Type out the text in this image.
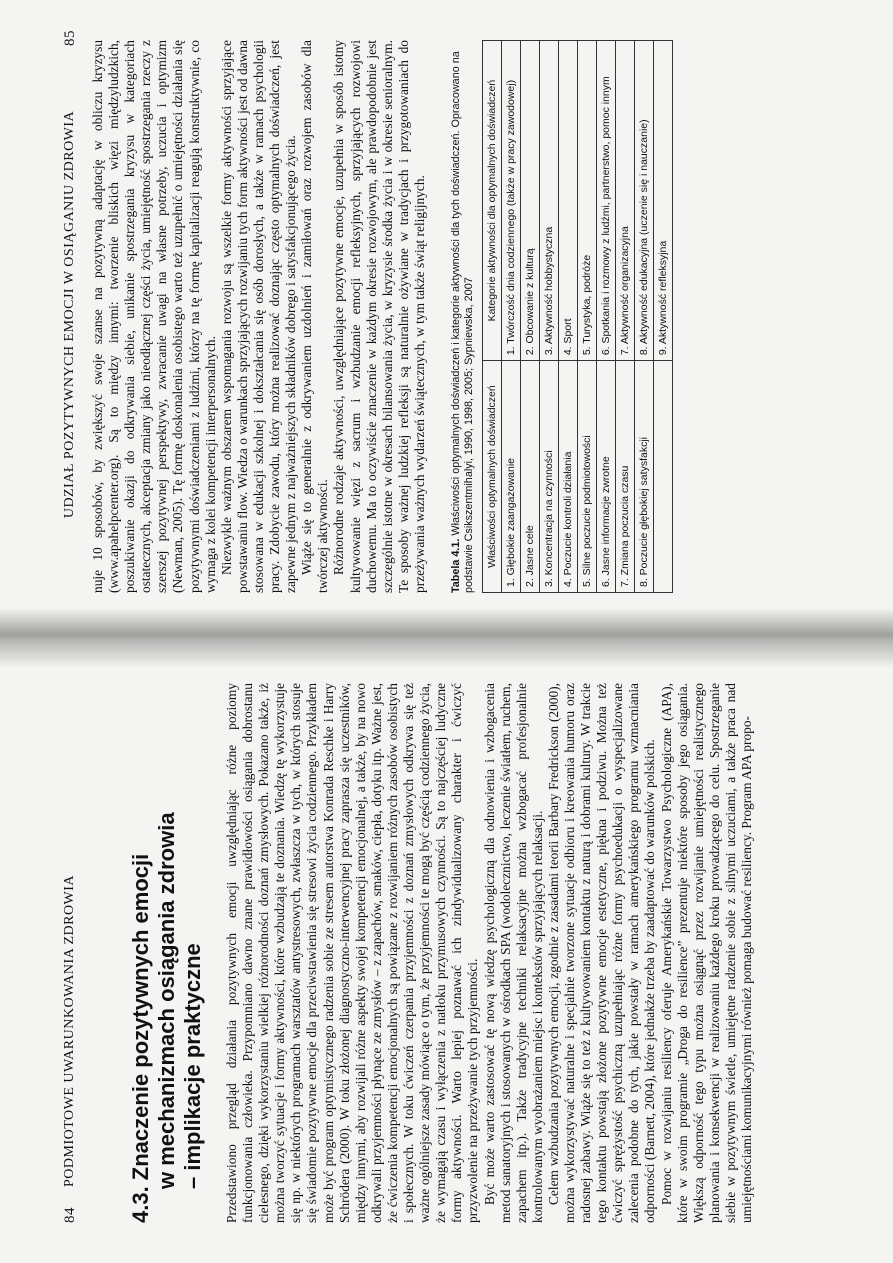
84
PODMIOTOWE UWARUNKOWANIA ZDROWIA 4.3. Znaczenie pozytywnych emocji w mechanizmach osiągania zdrowia – implikacje praktyczne Przedstawiono przegląd działania pozytywnych emocji uwzględniając różne poziomy funkcjonowania człowieka. Przypomniano dawno znane prawidłowości osiągania dobrostanu cielesnego, dzięki wykorzystaniu wielkiej różnorodności doznań zmysłowych. Pokazano także, iż można tworzyć sytuacje i formy aktywności, które wzbudzają te doznania. Wiedzę tę wykorzystuje się np. w niektórych programach warsztatów antystresowych, zwłaszcza w tych, w których stosuje się świadomie pozytywne emocje dla przeciwstawienia się stresowi życia codziennego. Przykładem może być program optymistycznego radzenia sobie ze stresem autorstwa Konrada Reschke i Harry Schrödera (2000). W toku złożonej diagnostyczno-interwencyjnej pracy zaprasza się uczestników, między innymi, aby rozwijali różne aspekty swojej kompetencji emocjonalnej, a także, by na nowo odkrywali przyjemności płynące ze zmysłów – z zapachów, smaków, ciepła, dotyku itp. Ważne jest, że ćwiczenia kompetencji emocjonalnych są powiązane z rozwijaniem różnych zasobów osobistych i społecznych. W toku ćwiczeń czerpania przyjemności z doznań zmysłowych odkrywa się też ważne ogólniejsze zasady mówiące o tym, że przyjemności te mogą być częścią codziennego życia, że wymagają czasu i wyłączenia z natłoku przymusowych czynności. Są to najczęściej ludyczne formy aktywności. Warto lepiej poznawać ich zindywidualizowany charakter i ćwiczyć przyzwolenie na przeżywanie tych przyjemności. Być może warto zastosować tę nową wiedzę psychologiczną dla odnowienia i wzbogacenia metod sanatoryjnych i stosowanych w ośrodkach SPA (wodolecznictwo, leczenie światłem, ruchem, zapachem itp.). Także tradycyjne techniki relaksacyjne można wzbogacać profesjonalnie kontrolowanym wyobrażaniem miejsc i kontekstów sprzyjających relaksacji. Celem wzbudzania pozytywnych emocji, zgodnie z zasadami teorii Barbary Fredrickson (2000), można wykorzystywać naturalne i specjalnie tworzone sytuacje odbioru i kreowania humoru oraz radosnej zabawy. Wiąże się to też z kultywowaniem kontaktu z naturą i dobrami kultury. W trakcie tego kontaktu powstają złożone pozytywne emocje estetyczne, piękna i podziwu. Można też ćwiczyć sprężystość psychiczną uzupełniając różne formy psychoedukacji o wyspecjalizowane zalecenia podobne do tych, jakie powstały w ramach amerykańskiego programu wzmacniania odporności (Barnett, 2004), które jednakże trzeba by zaadaptować do warunków polskich. Pomoc w rozwijaniu resiliency oferuje Amerykańskie Towarzystwo Psychologiczne (APA), które w swoim programie „Droga do resilience” prezentuje niektóre sposoby jego osiągania. Większą odporność tego typu można osiągnąć przez rozwijanie umiejętności realistycznego planowania i konsekwencji w realizowaniu każdego kroku prowadzącego do celu. Spostrzeganie siebie w pozytywnym świetle, umiejętne radzenie sobie z silnymi uczuciami, a także praca nad umiejętnościami komunikacyjnymi również pomaga budować resiliency. Program APA propo-

UDZIAŁ POZYTYWNYCH EMOCJI W OSIĄGANIU ZDROWIA
85

nuje 10 sposobów, by zwiększyć swoje szanse na pozytywną adaptację w obliczu kryzysu (www.apahelpcenter.org). Są to między innymi: tworzenie bliskich więzi międzyludzkich, poszukiwanie okazji do odkrywania siebie, unikanie spostrzegania kryzysu w kategoriach ostatecznych, akceptacja zmiany jako nieodłącznej części życia, umiejętność spostrzegania rzeczy z szerszej pozytywnej perspektywy, zwracanie uwagi na własne potrzeby, uczucia i optymizm (Newman, 2005). Tę formę doskonalenia osobistego warto też uzupełnić o umiejętności działania się pozytywnymi doświadczeniami z ludźmi, którzy na tę formę kapitalizacji reagują konstruktywnie, co wymaga z kolei kompetencji interpersonalnych. Niezwykle ważnym obszarem wspomagania rozwoju są wszelkie formy aktywności sprzyjające powstawaniu flow. Wiedza o warunkach sprzyjających rozwijaniu tych form aktywności jest od dawna stosowana w edukacji szkolnej i dokształcania się osób dorosłych, a także w ramach psychologii pracy. Zdobycie zawodu, który można realizować doznając często optymalnych doświadczeń, jest zapewne jednym z najważniejszych składników dobrego i satysfakcjonującego życia. Wiąże się to generalnie z odkrywaniem uzdolnień i zamiłowań oraz rozwojem zasobów dla twórczej aktywności. Różnorodne rodzaje aktywności, uwzględniające pozytywne emocje, uzupełnia w sposób istotny kultywowanie więzi z sacrum i wzbudzanie emocji refleksyjnych, sprzyjających rozwojowi duchowemu. Ma to oczywiście znaczenie w każdym okresie rozwojowym, ale prawdopodobnie jest szczególnie istotne w okresach bilansowania życia, w kryzysie środka życia i w okresie senioralnym. Te sposoby ważnej ludzkiej refleksji są naturalnie ożywiane w tradycjach i przygotowaniach do przeżywania ważnych wydarzeń świątecznych, w tym także świąt religijnych. Tabela 4.1. Właściwości optymalnych doświadczeń i kategorie aktywności dla tych doświadczeń. Opracowano na podstawie Csikszentmihalyi, 1990, 1998, 2005; Sypniewska, 2007 Właściwości optymalnych doświadczeń	Kategorie aktywności dla optymalnych doświadczeń
1. Głębokie zaangażowanie	1. Twórczość dnia codziennego (także w pracy zawodowej)
2. Jasne cele	2. Obcowanie z kulturą
3. Koncentracja na czynności	3. Aktywność hobbystyczna
4. Poczucie kontroli działania	4. Sport
5. Silne poczucie podmiotowości	5. Turystyka, podróże
6. Jasne informacje zwrotne	6. Spotkania i rozmowy z ludźmi, partnerstwo, pomoc innym
7. Zmiana poczucia czasu	7. Aktywność organizacyjna
8. Poczucie głębokiej satysfakcji	8. Aktywność edukacyjna (uczenie się i nauczanie)
	9. Aktywność refleksyjna
